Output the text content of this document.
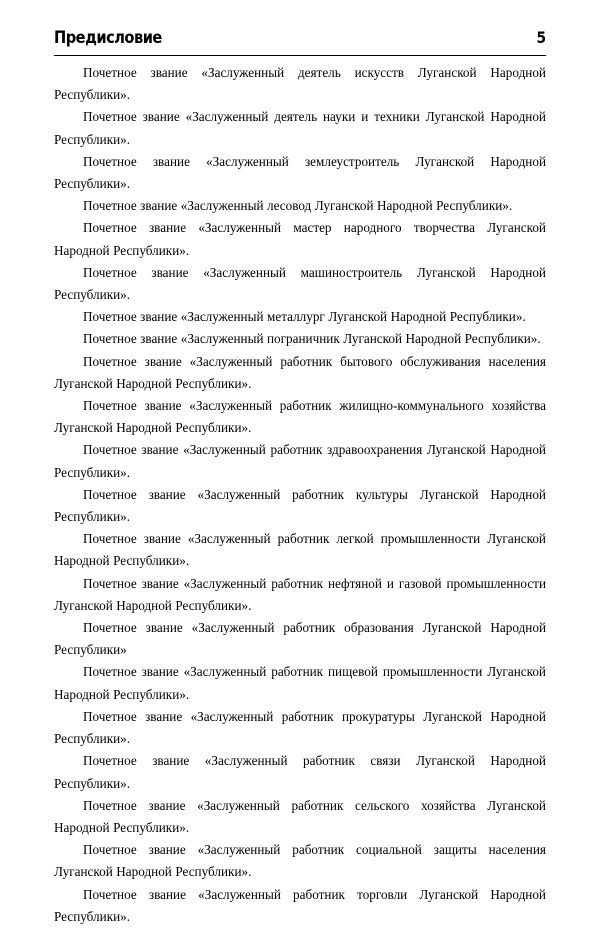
Предисловие	5

Почетное звание «Заслуженный деятель искусств Луганской Народной Республики».

Почетное звание «Заслуженный деятель науки и техники Луганской Народной Республики».

Почетное звание «Заслуженный землеустроитель Луганской Народной Республики».

Почетное звание «Заслуженный лесовод Луганской Народной Республики».

Почетное звание «Заслуженный мастер народного творчества Луганской Народной Республики».

Почетное звание «Заслуженный машиностроитель Луганской Народной Республики».

Почетное звание «Заслуженный металлург Луганской Народной Республики».

Почетное звание «Заслуженный пограничник Луганской Народной Республики».

Почетное звание «Заслуженный работник бытового обслуживания населения Луганской Народной Республики».

Почетное звание «Заслуженный работник жилищно-коммунального хозяйства Луганской Народной Республики».

Почетное звание «Заслуженный работник здравоохранения Луганской Народной Республики».

Почетное звание «Заслуженный работник культуры Луганской Народной Республики».

Почетное звание «Заслуженный работник легкой промышленности Луганской Народной Республики».

Почетное звание «Заслуженный работник нефтяной и газовой промышленности Луганской Народной Республики».

Почетное звание «Заслуженный работник образования Луганской Народной Республики»

Почетное звание «Заслуженный работник пищевой промышленности Луганской Народной Республики».

Почетное звание «Заслуженный работник прокуратуры Луганской Народной Республики».

Почетное звание «Заслуженный работник связи Луганской Народной Республики».

Почетное звание «Заслуженный работник сельского хозяйства Луганской Народной Республики».

Почетное звание «Заслуженный работник социальной защиты населения Луганской Народной Республики».

Почетное звание «Заслуженный работник торговли Луганской Народной Республики».
